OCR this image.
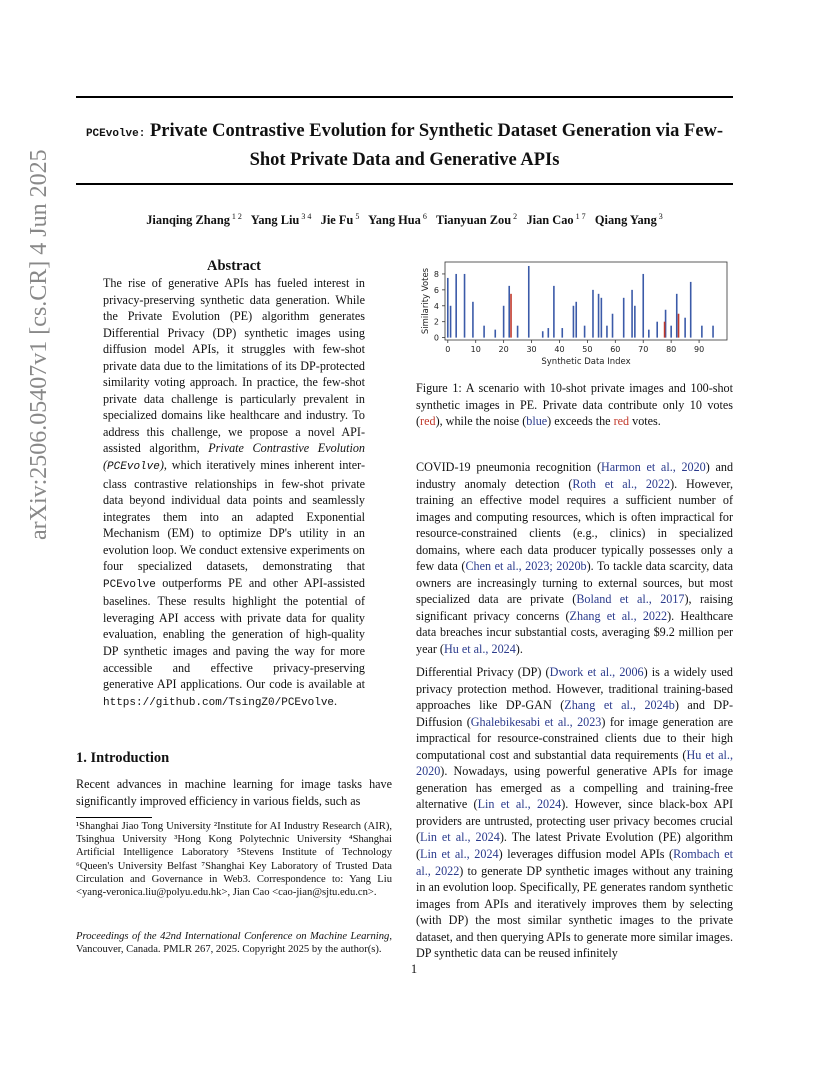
PCEvolve: Private Contrastive Evolution for Synthetic Dataset Generation via Few-Shot Private Data and Generative APIs
Jianqing Zhang $^{1 2}$  Yang Liu $^{3 4}$  Jie Fu $^5$  Yang Hua $^6$  Tianyuan Zou $^2$  Jian Cao $^{1 7}$  Qiang Yang $^3$
arXiv:2506.05407v1 [cs.CR] 4 Jun 2025	Abstract

The rise of generative APIs has fueled interest in privacy-preserving synthetic data generation. While the Private Evolution (PE) algorithm generates Differential Privacy (DP) synthetic images using diffusion model APIs, it struggles with few-shot private data due to the limitations of its DP-protected similarity voting approach. In practice, the few-shot private data challenge is particularly prevalent in specialized domains like healthcare and industry. To address this challenge, we propose a novel API-assisted algorithm, Private Contrastive Evolution (PCEvolve), which iteratively mines inherent inter-class contrastive relationships in few-shot private data beyond individual data points and seamlessly integrates them into an adapted Exponential Mechanism (EM) to optimize DP's utility in an evolution loop. We conduct extensive experiments on four specialized datasets, demonstrating that PCEvolve outperforms PE and other API-assisted baselines. These results highlight the potential of leveraging API access with private data for quality evaluation, enabling the generation of high-quality DP synthetic images and paving the way for more accessible and effective privacy-preserving generative API applications. Our code is available at https://github.com/TsingZ0/PCEvolve.

1. Introduction

Recent advances in machine learning for image tasks have significantly improved efficiency in various fields, such as

¹Shanghai Jiao Tong University ²Institute for AI Industry Research (AIR), Tsinghua University ³Hong Kong Polytechnic University ⁴Shanghai Artificial Intelligence Laboratory ⁵Stevens Institute of Technology ⁶Queen's University Belfast ⁷Shanghai Key Laboratory of Trusted Data Circulation and Governance in Web3. Correspondence to: Yang Liu <yang-veronica.liu@polyu.edu.hk>, Jian Cao <cao-jian@sjtu.edu.cn>.
Proceedings of the 42nd International Conference on Machine Learning, Vancouver, Canada. PMLR 267, 2025. Copyright 2025 by the author(s).
0
2
4
6
8
0	10 20 30 40 50 60 70 80 90
Synthetic Data Index
Similarity Votes
Figure 1: A scenario with 10-shot private images and 100-shot synthetic images in PE. Private data contribute only 10 votes (red), while the noise (blue) exceeds the red votes.

COVID-19 pneumonia recognition (Harmon et al., 2020) and industry anomaly detection (Roth et al., 2022). However, training an effective model requires a sufficient number of images and computing resources, which is often impractical for resource-constrained clients (e.g., clinics) in specialized domains, where each data producer typically possesses only a few data (Chen et al., 2023; 2020b). To tackle data scarcity, data owners are increasingly turning to external sources, but most specialized data are private (Boland et al., 2017), raising significant privacy concerns (Zhang et al., 2022). Healthcare data breaches incur substantial costs, averaging $9.2 million per year (Hu et al., 2024).

Differential Privacy (DP) (Dwork et al., 2006) is a widely used privacy protection method. However, traditional training-based approaches like DP-GAN (Zhang et al., 2024b) and DP-Diffusion (Ghalebikesabi et al., 2023) for image generation are impractical for resource-constrained clients due to their high computational cost and substantial data requirements (Hu et al., 2020). Nowadays, using powerful generative APIs for image generation has emerged as a compelling and training-free alternative (Lin et al., 2024). However, since black-box API providers are untrusted, protecting user privacy becomes crucial (Lin et al., 2024). The latest Private Evolution (PE) algorithm (Lin et al., 2024) leverages diffusion model APIs (Rombach et al., 2022) to generate DP synthetic images without any training in an evolution loop. Specifically, PE generates random synthetic images from APIs and iteratively improves them by selecting (with DP) the most similar synthetic images to the private dataset, and then querying APIs to generate more similar images. DP synthetic data can be reused infinitely

1
